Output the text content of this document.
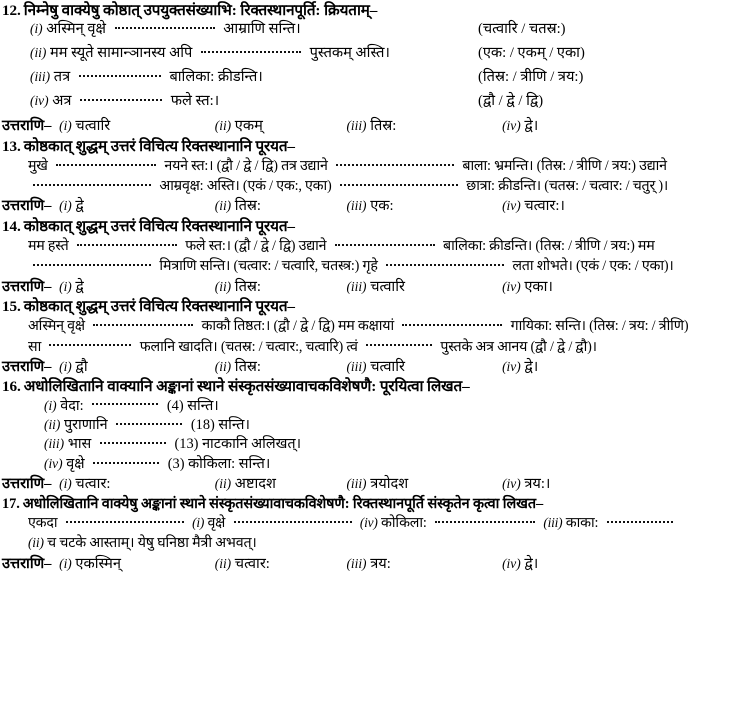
12. निम्नेषु वाक्येषु कोष्ठात् उपयुक्तसंख्याभि: रिक्तस्थानपूर्ति: क्रियताम्–
(i) अस्मिन् वृक्षे	आम्राणि सन्ति।	(चत्वारि / चतस्र:)
(ii) मम स्यूते सामान्ञानस्य अपि	पुस्तकम् अस्ति।	(एक: / एकम् / एका)
(iii) तत्र	बालिका: क्रीडन्ति।	(तिस्र: / त्रीणि / त्रय:)
(iv) अत्र	फले स्त:।	(द्वौ / द्वे / द्वि)
उत्तराणि– (i) चत्वारि	(ii) एकम्	(iii) तिस्र:	(iv) द्वे।
13. कोष्ठकात् शुद्धम् उत्तरं विचित्य रिक्तस्थानानि पूरयत–
मुखे	नयने स्त:। (द्वौ / द्वे / द्वि) तत्र उद्याने	बाला: भ्रमन्ति। (तिस्र: / त्रीणि / त्रय:) उद्याने
आम्रवृक्ष: अस्ति। (एकं / एक:, एका)	छात्रा: क्रीडन्ति। (चतस्र: / चत्वार: / चतुर् )।
उत्तराणि– (i) द्वे	(ii) तिस्र:	(iii) एक:	(iv) चत्वार:।
14. कोष्ठकात् शुद्धम् उत्तरं विचित्य रिक्तस्थानानि पूरयत–
मम हस्ते	फले स्त:। (द्वौ / द्वे / द्वि) उद्याने	बालिका: क्रीडन्ति। (तिस्र: / त्रीणि / त्रय:) मम
मित्राणि सन्ति। (चत्वार: / चत्वारि, चतस्त्र:) गृहे	लता शोभते। (एकं / एक: / एका)।
उत्तराणि– (i) द्वे	(ii) तिस्र:	(iii) चत्वारि	(iv) एका।
15. कोष्ठकात् शुद्धम् उत्तरं विचित्य रिक्तस्थानानि पूरयत–
अस्मिन् वृक्षे	काकौ तिष्ठत:। (द्वौ / द्वे / द्वि) मम कक्षायां	गायिका: सन्ति। (तिस्र: / त्रय: / त्रीणि)
सा	फलानि खादति। (चतस्र: / चत्वार:, चत्वारि) त्वं	पुस्तके अत्र आनय (द्वौ / द्वे / द्वौ)।
उत्तराणि– (i) द्वौ	(ii) तिस्र:	(iii) चत्वारि	(iv) द्वे।
16. अधोलिखितानि वाक्यानि अङ्कानां स्थाने संस्कृतसंख्यावाचकविशेषणै: पूरयित्वा लिखत–
(i) वेदा:	(4) सन्ति।
(ii) पुराणानि	(18) सन्ति।
(iii) भास	(13) नाटकानि अलिखत्।
(iv) वृक्षे	(3) कोकिला: सन्ति।
उत्तराणि– (i) चत्वार:	(ii) अष्टादश	(iii) त्रयोदश	(iv) त्रय:।
17. अधोलिखितानि वाक्येषु अङ्कानां स्थाने संस्कृतसंख्यावाचकविशेषणै: रिक्तस्थानपूर्ति संस्कृतेन कृत्वा लिखत–
एकदा	(i) वृक्षे	(iv) कोकिला:	(iii) काका:
(ii) च चटके आस्ताम्। येषु घनिष्ठा मैत्री अभवत्।
उत्तराणि– (i) एकस्मिन्	(ii) चत्वार:	(iii) त्रय:	(iv) द्वे।
